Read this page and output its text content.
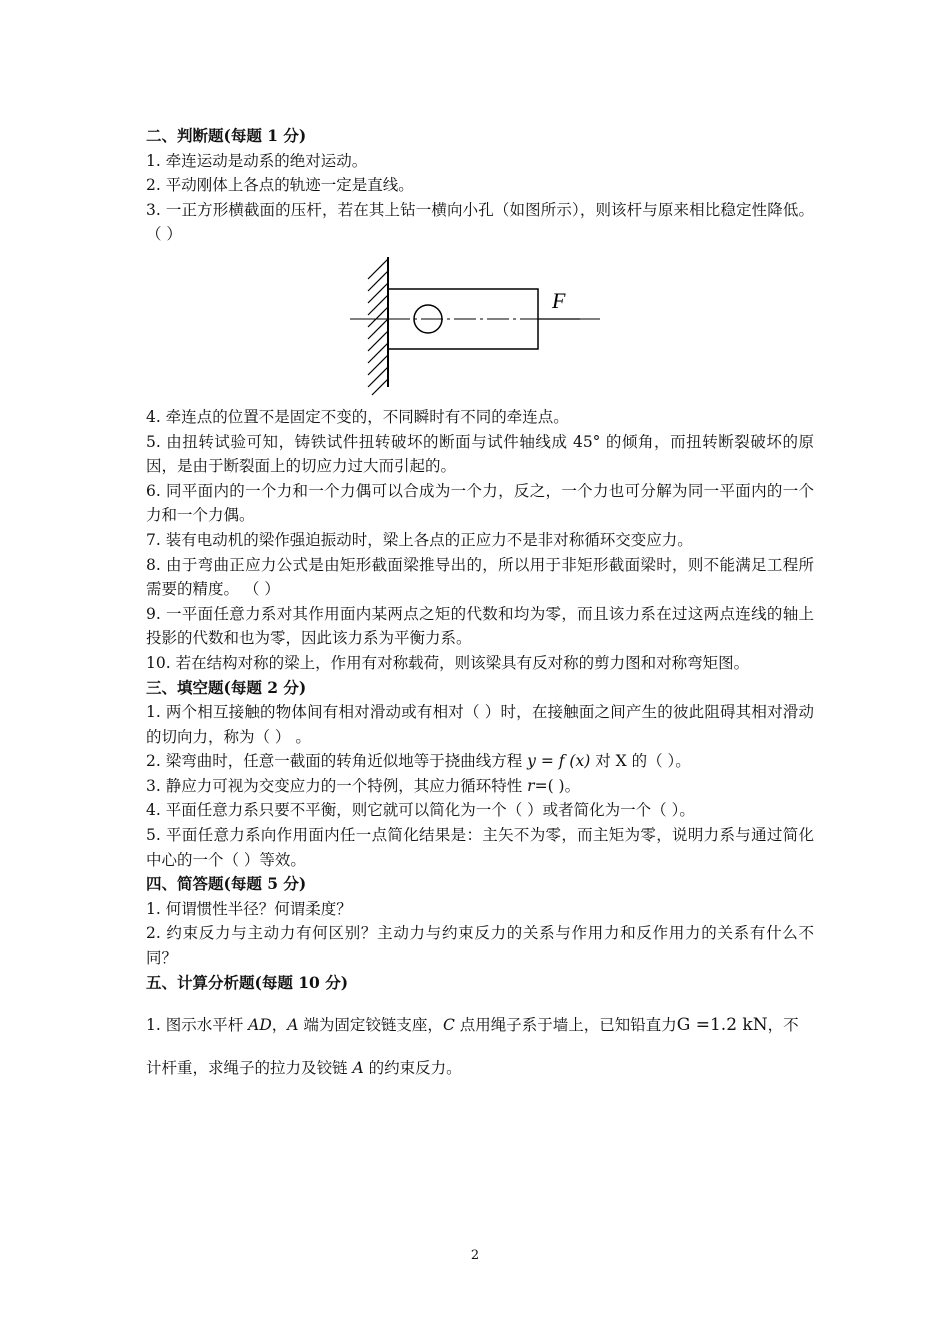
二、判断题(每题 1 分)
1. 牵连运动是动系的绝对运动。
2. 平动刚体上各点的轨迹一定是直线。
3. 一正方形横截面的压杆，若在其上钻一横向小孔（如图所示），则该杆与原来相比稳定性降低。 （ ）
F
4. 牵连点的位置不是固定不变的，不同瞬时有不同的牵连点。
5. 由扭转试验可知，铸铁试件扭转破坏的断面与试件轴线成 45° 的倾角，而扭转断裂破坏的原因，是由于断裂面上的切应力过大而引起的。
6. 同平面内的一个力和一个力偶可以合成为一个力，反之，一个力也可分解为同一平面内的一个力和一个力偶。
7. 装有电动机的梁作强迫振动时，梁上各点的正应力不是非对称循环交变应力。
8. 由于弯曲正应力公式是由矩形截面梁推导出的，所以用于非矩形截面梁时，则不能满足工程所需要的精度。 （ ）
9. 一平面任意力系对其作用面内某两点之矩的代数和均为零，而且该力系在过这两点连线的轴上投影的代数和也为零，因此该力系为平衡力系。
10. 若在结构对称的梁上，作用有对称载荷，则该梁具有反对称的剪力图和对称弯矩图。
三、填空题(每题 2 分)
1. 两个相互接触的物体间有相对滑动或有相对（ ）时，在接触面之间产生的彼此阻碍其相对滑动的切向力，称为（ ） 。
2. 梁弯曲时，任意一截面的转角近似地等于挠曲线方程 y = f (x) 对 X 的（ ）。
3. 静应力可视为交变应力的一个特例，其应力循环特性 r=( )。
4. 平面任意力系只要不平衡，则它就可以简化为一个（ ）或者简化为一个（ ）。
5. 平面任意力系向作用面内任一点简化结果是：主矢不为零，而主矩为零，说明力系与通过简化中心的一个（ ）等效。
四、简答题(每题 5 分)
1. 何谓惯性半径？何谓柔度？
2. 约束反力与主动力有何区别？主动力与约束反力的关系与作用力和反作用力的关系有什么不同？
五、计算分析题(每题 10 分)
1. 图示水平杆 AD，A 端为固定铰链支座，C 点用绳子系于墙上，已知铅直力G =1.2 kN，不
计杆重，求绳子的拉力及铰链 A 的约束反力。
2
